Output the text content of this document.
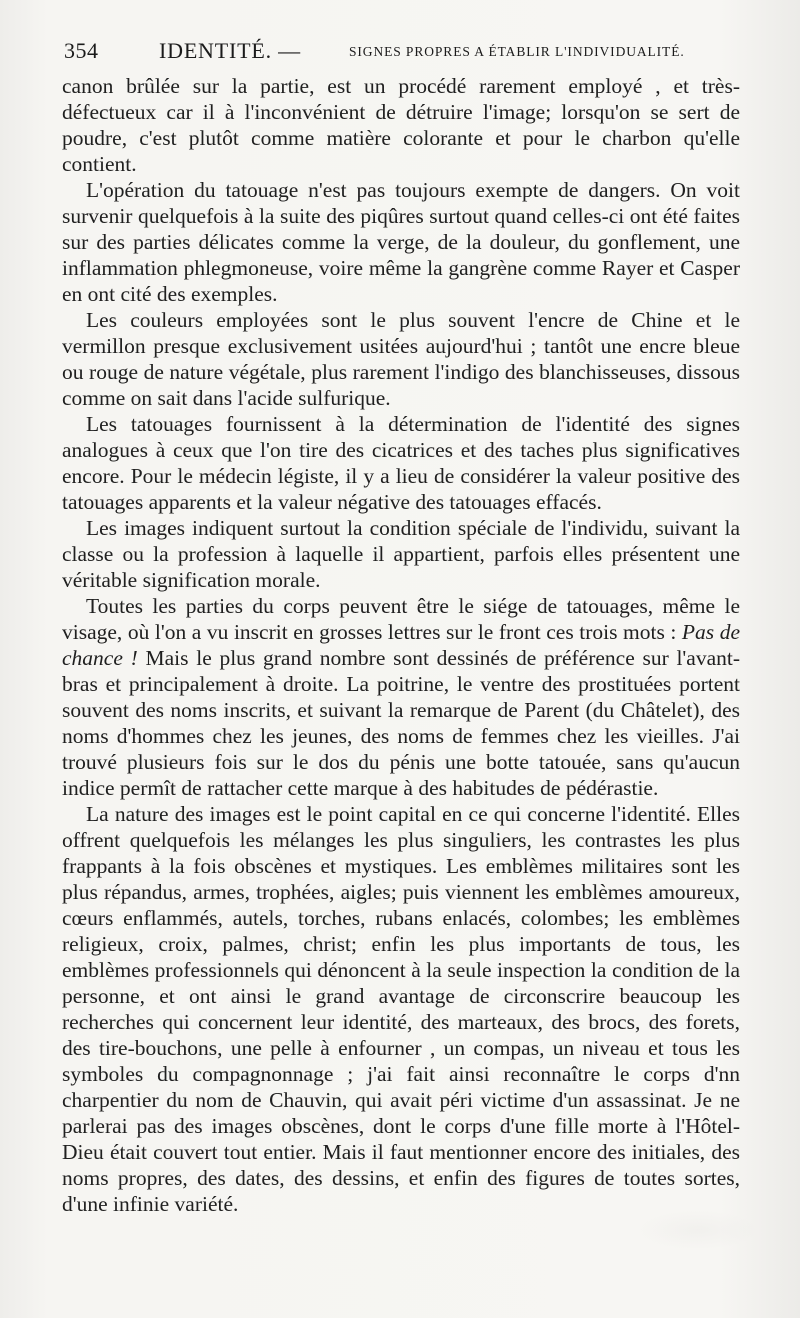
354	IDENTITÉ. —	SIGNES PROPRES A ÉTABLIR L'INDIVIDUALITÉ.

canon brûlée sur la partie, est un procédé rarement employé , et très-défectueux car il à l'inconvénient de détruire l'image; lorsqu'on se sert de poudre, c'est plutôt comme matière colorante et pour le charbon qu'elle contient.

L'opération du tatouage n'est pas toujours exempte de dangers. On voit survenir quelquefois à la suite des piqûres surtout quand celles-ci ont été faites sur des parties délicates comme la verge, de la douleur, du gonflement, une inflammation phlegmoneuse, voire même la gangrène comme Rayer et Casper en ont cité des exemples.

Les couleurs employées sont le plus souvent l'encre de Chine et le vermillon presque exclusivement usitées aujourd'hui ; tantôt une encre bleue ou rouge de nature végétale, plus rarement l'indigo des blanchisseuses, dissous comme on sait dans l'acide sulfurique.

Les tatouages fournissent à la détermination de l'identité des signes analogues à ceux que l'on tire des cicatrices et des taches plus significatives encore. Pour le médecin légiste, il y a lieu de considérer la valeur positive des tatouages apparents et la valeur négative des tatouages effacés.

Les images indiquent surtout la condition spéciale de l'individu, suivant la classe ou la profession à laquelle il appartient, parfois elles présentent une véritable signification morale.

Toutes les parties du corps peuvent être le siége de tatouages, même le visage, où l'on a vu inscrit en grosses lettres sur le front ces trois mots : Pas de chance ! Mais le plus grand nombre sont dessinés de préférence sur l'avant-bras et principalement à droite. La poitrine, le ventre des prostituées portent souvent des noms inscrits, et suivant la remarque de Parent (du Châtelet), des noms d'hommes chez les jeunes, des noms de femmes chez les vieilles. J'ai trouvé plusieurs fois sur le dos du pénis une botte tatouée, sans qu'aucun indice permît de rattacher cette marque à des habitudes de pédérastie.

La nature des images est le point capital en ce qui concerne l'identité. Elles offrent quelquefois les mélanges les plus singuliers, les contrastes les plus frappants à la fois obscènes et mystiques. Les emblèmes militaires sont les plus répandus, armes, trophées, aigles; puis viennent les emblèmes amoureux, cœurs enflammés, autels, torches, rubans enlacés, colombes; les emblèmes religieux, croix, palmes, christ; enfin les plus importants de tous, les emblèmes professionnels qui dénoncent à la seule inspection la condition de la personne, et ont ainsi le grand avantage de circonscrire beaucoup les recherches qui concernent leur identité, des marteaux, des brocs, des forets, des tire-bouchons, une pelle à enfourner , un compas, un niveau et tous les symboles du compagnonnage ; j'ai fait ainsi reconnaître le corps d'nn charpentier du nom de Chauvin, qui avait péri victime d'un assassinat. Je ne parlerai pas des images obscènes, dont le corps d'une fille morte à l'Hôtel-Dieu était couvert tout entier. Mais il faut mentionner encore des initiales, des noms propres, des dates, des dessins, et enfin des figures de toutes sortes, d'une infinie variété.
